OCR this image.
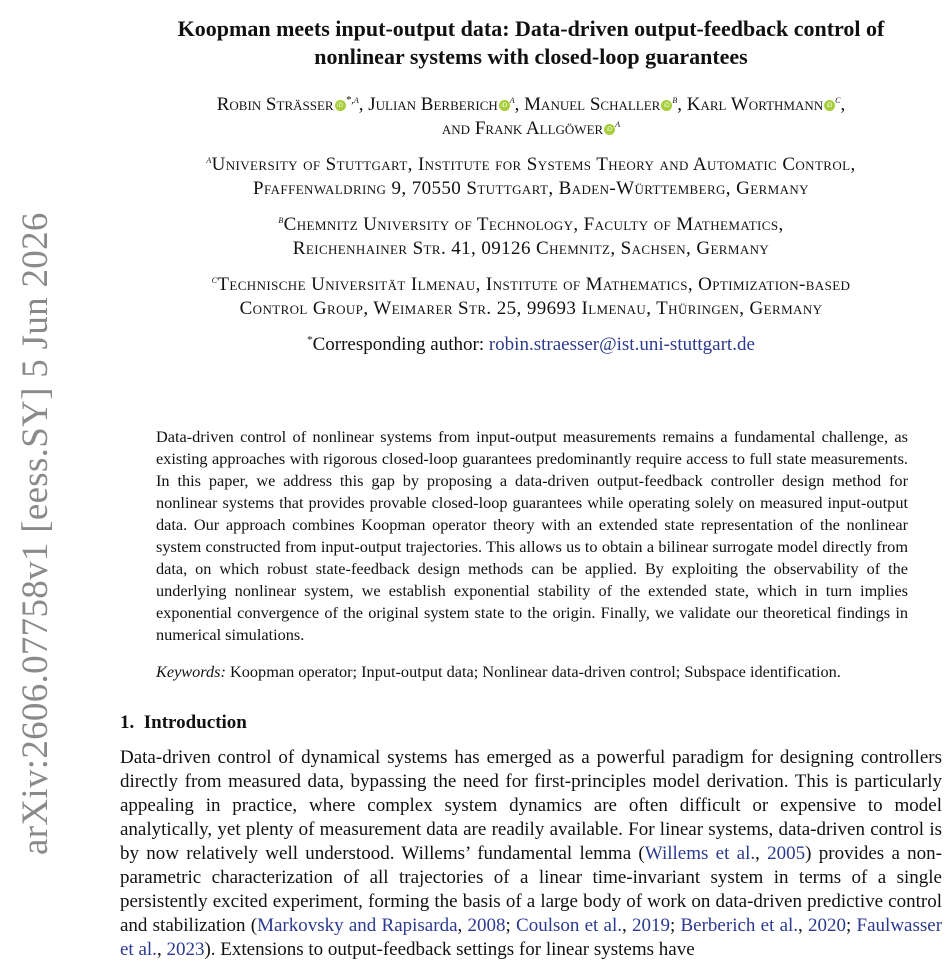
arXiv:2606.07758v1 [eess.SY] 5 Jun 2026
Koopman meets input-output data: Data-driven output-feedback control of
nonlinear systems with closed-loop guarantees
Robin Strässer iD $^{*,a}$, Julian Berberich iD $^a$, Manuel Schaller iD $^b$, Karl Worthmann iD $^c$,
and Frank Allgöwer iD $^a$
$^a$University of Stuttgart, Institute for Systems Theory and Automatic Control,
Pfaffenwaldring 9, 70550 Stuttgart, Baden-Württemberg, Germany
$^b$Chemnitz University of Technology, Faculty of Mathematics,
Reichenhainer Str. 41, 09126 Chemnitz, Sachsen, Germany
$^c$Technische Universität Ilmenau, Institute of Mathematics, Optimization-based
Control Group, Weimarer Str. 25, 99693 Ilmenau, Thüringen, Germany
*Corresponding author: robin.straesser@ist.uni-stuttgart.de
Data-driven control of nonlinear systems from input-output measurements remains a fundamental challenge, as existing approaches with rigorous closed-loop guarantees predominantly require access to full state measurements. In this paper, we address this gap by proposing a data-driven output-feedback controller design method for nonlinear systems that provides provable closed-loop guarantees while operating solely on measured input-output data. Our approach combines Koopman operator theory with an extended state representation of the nonlinear system constructed from input-output trajectories. This allows us to obtain a bilinear surrogate model directly from data, on which robust state-feedback design methods can be applied. By exploiting the observability of the underlying nonlinear system, we establish exponential stability of the extended state, which in turn implies exponential convergence of the original system state to the origin. Finally, we validate our theoretical findings in numerical simulations.
Keywords: Koopman operator; Input-output data; Nonlinear data-driven control; Subspace identification.
1. Introduction
Data-driven control of dynamical systems has emerged as a powerful paradigm for designing controllers directly from measured data, bypassing the need for first-principles model derivation. This is particularly appealing in practice, where complex system dynamics are often difficult or expensive to model analytically, yet plenty of measurement data are readily available. For linear systems, data-driven control is by now relatively well understood. Willems’ fundamental lemma (Willems et al., 2005) provides a non-parametric characterization of all trajectories of a linear time-invariant system in terms of a single persistently excited experiment, forming the basis of a large body of work on data-driven predictive control and stabilization (Markovsky and Rapisarda, 2008; Coulson et al., 2019; Berberich et al., 2020; Faulwasser et al., 2023). Extensions to output-feedback settings for linear systems have
